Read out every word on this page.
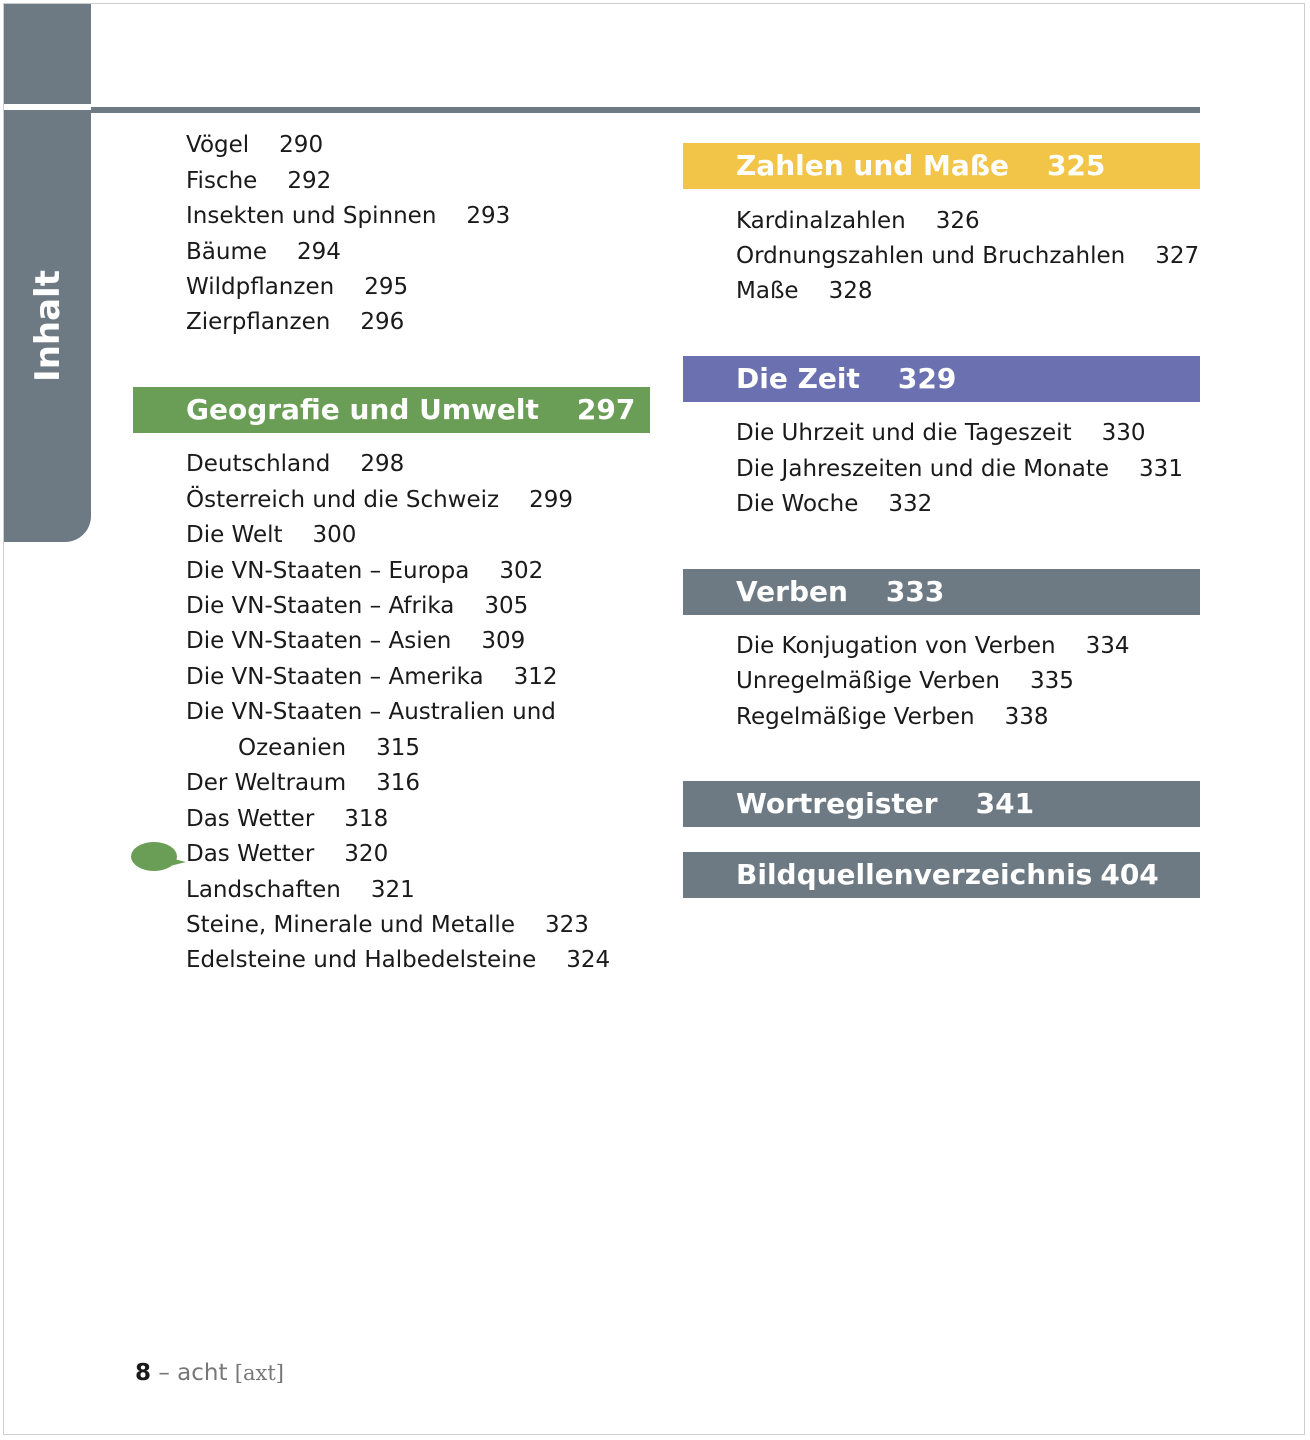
Inhalt
Vögel 290
Fische 292
Insekten und Spinnen 293
Bäume 294
Wildpflanzen 295
Zierpflanzen 296
Geografie und Umwelt 297
Deutschland 298
Österreich und die Schweiz 299
Die Welt 300
Die VN-Staaten – Europa 302
Die VN-Staaten – Afrika 305
Die VN-Staaten – Asien 309
Die VN-Staaten – Amerika 312
Die VN-Staaten – Australien und
Ozeanien 315
Der Weltraum 316
Das Wetter 318
Das Wetter 320
Landschaften 321
Steine, Minerale und Metalle 323
Edelsteine und Halbedelsteine 324
Zahlen und Maße 325
Kardinalzahlen 326
Ordnungszahlen und Bruchzahlen 327
Maße 328
Die Zeit 329
Die Uhrzeit und die Tageszeit 330
Die Jahreszeiten und die Monate 331
Die Woche 332
Verben 333
Die Konjugation von Verben 334
Unregelmäßige Verben 335
Regelmäßige Verben 338
Wortregister 341
Bildquellenverzeichnis 404
8 – acht [axt]
